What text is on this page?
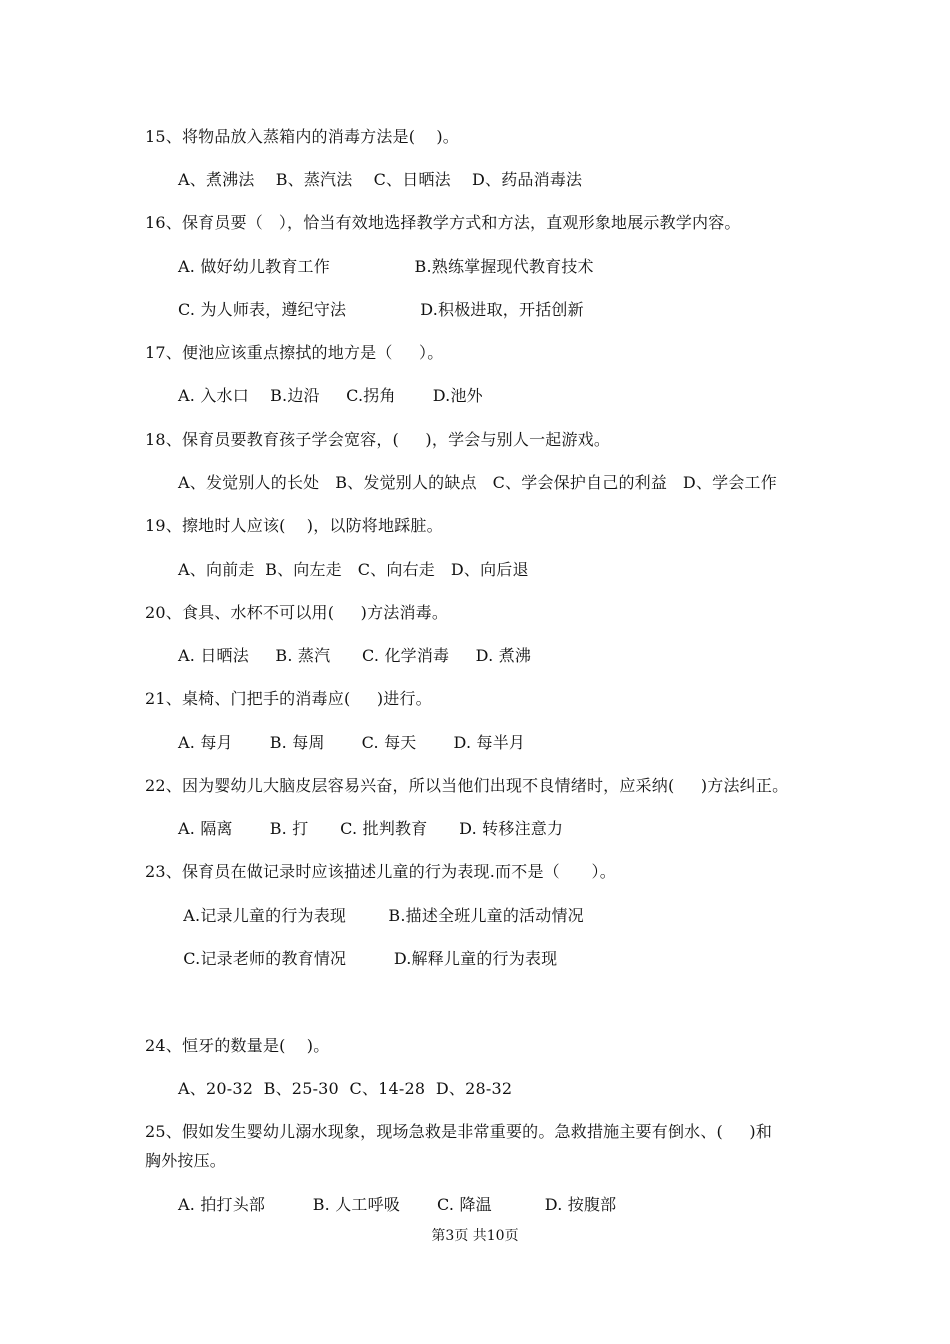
15、将物品放入蒸箱内的消毒方法是(    )。
A、煮沸法    B、蒸汽法    C、日晒法    D、药品消毒法
16、保育员要（   ），恰当有效地选择教学方式和方法，直观形象地展示教学内容。
A. 做好幼儿教育工作                B.熟练掌握现代教育技术
C. 为人师表，遵纪守法              D.积极进取，开括创新
17、便池应该重点擦拭的地方是（     ）。
A. 入水口    B.边沿     C.拐角       D.池外
18、保育员要教育孩子学会宽容，(     )，学会与别人一起游戏。
A、发觉别人的长处   B、发觉别人的缺点   C、学会保护自己的利益   D、学会工作
19、擦地时人应该(    )，以防将地踩脏。
A、向前走  B、向左走   C、向右走   D、向后退
20、食具、水杯不可以用(     )方法消毒。
A. 日晒法     B. 蒸汽      C. 化学消毒     D. 煮沸
21、桌椅、门把手的消毒应(     )进行。
A. 每月       B. 每周       C. 每天       D. 每半月
22、因为婴幼儿大脑皮层容易兴奋，所以当他们出现不良情绪时，应采纳(     )方法纠正。
A. 隔离       B. 打      C. 批判教育      D. 转移注意力
23、保育员在做记录时应该描述儿童的行为表现.而不是（      ）。
A.记录儿童的行为表现        B.描述全班儿童的活动情况
C.记录老师的教育情况         D.解释儿童的行为表现
24、恒牙的数量是(    )。
A、20-32  B、25-30  C、14-28  D、28-32
25、假如发生婴幼儿溺水现象，现场急救是非常重要的。急救措施主要有倒水、(     )和
胸外按压。
A. 拍打头部         B. 人工呼吸       C. 降温          D. 按腹部
第3页 共10页
